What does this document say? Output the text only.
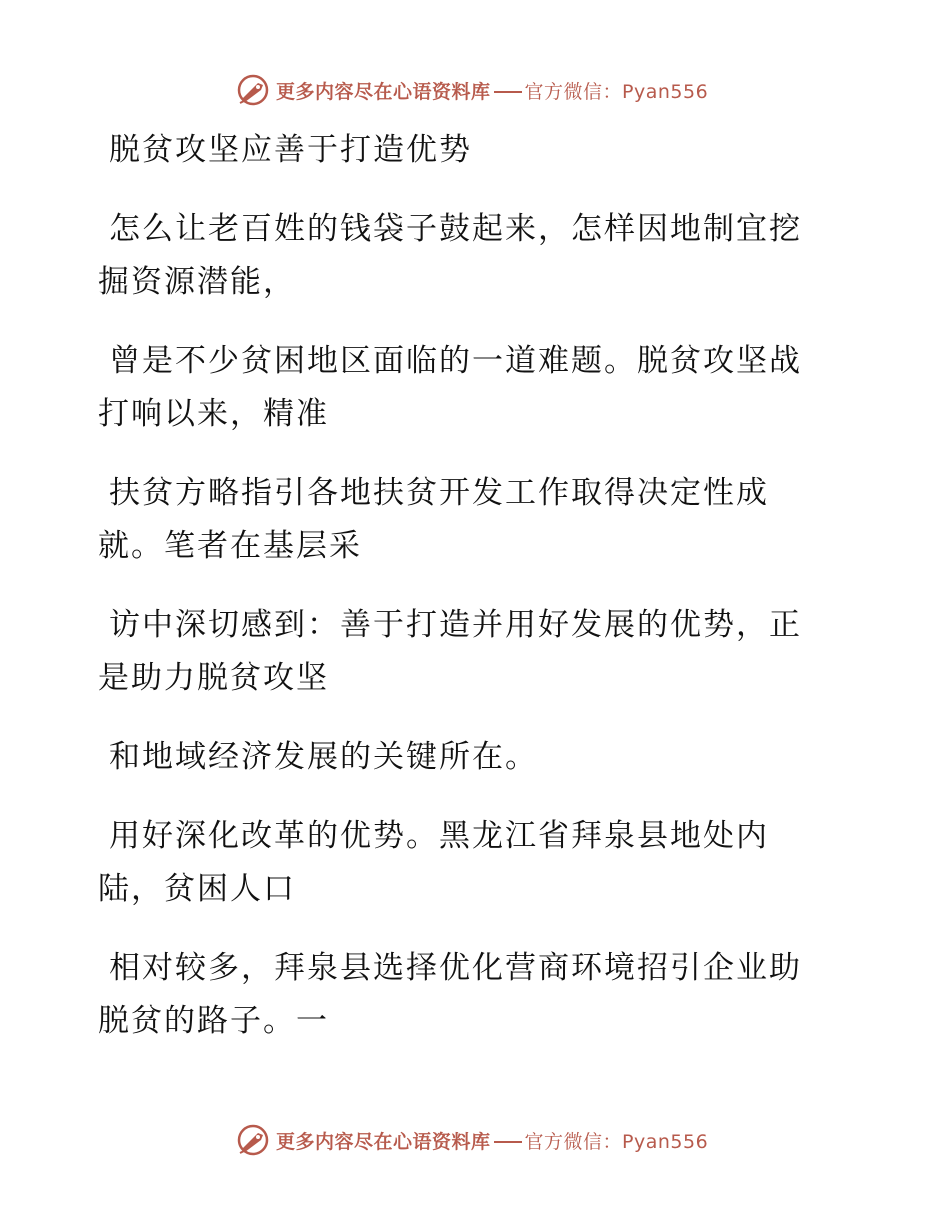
更多内容尽在心语资料库 官方微信：Pyan556
脱贫攻坚应善于打造优势
怎么让老百姓的钱袋子鼓起来，怎样因地制宜挖
掘资源潜能，
曾是不少贫困地区面临的一道难题。脱贫攻坚战
打响以来，精准
扶贫方略指引各地扶贫开发工作取得决定性成
就。笔者在基层采
访中深切感到：善于打造并用好发展的优势，正
是助力脱贫攻坚
和地域经济发展的关键所在。
用好深化改革的优势。黑龙江省拜泉县地处内
陆，贫困人口
相对较多，拜泉县选择优化营商环境招引企业助
脱贫的路子。一
更多内容尽在心语资料库 官方微信：Pyan556
